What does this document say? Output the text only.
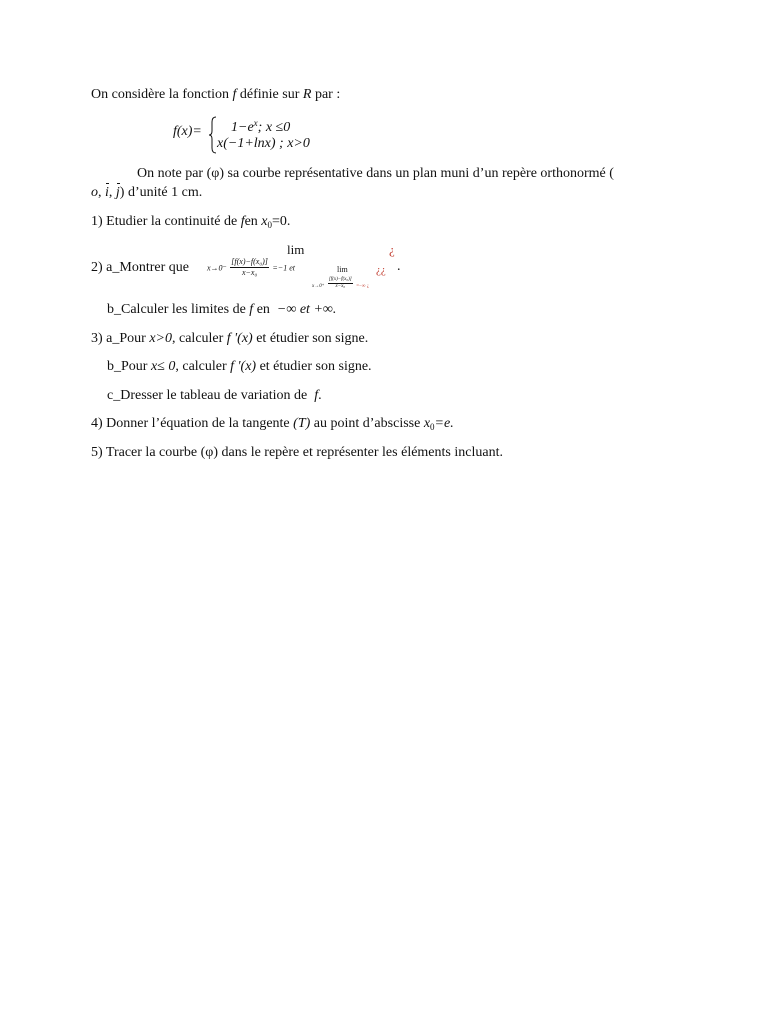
On considère la fonction f définie sur R par :
$f(x)= 1-e^x$; x ≤0
x(−1+lnx) ; x>0
On note par (φ) sa courbe représentative dans un plan muni d’un repère orthonormé (
o, i, j) d’unité 1 cm.
1) Etudier la continuité de fen $x_0=0$.
lim	¿
2) a_Montrer que $x\to 0^- \frac{\text{[f(x)−f(x₀)]}}{\text{x−x₀}} =-1$ et	lim
$x\to 0^+ \frac{\text{[f(x)−f(x₀)]}}{\text{x−x₀}}$ =−∞ ¿
¿¿ .
b_Calculer les limites de f en −∞ et +∞.
3) a_Pour x>0, calculer f '(x) et étudier son signe.
b_Pour x≤ 0, calculer f '(x) et étudier son signe.
c_Dresser le tableau de variation de f.
4) Donner l’équation de la tangente (T) au point d’abscisse $x_0=e$.
5) Tracer la courbe (φ) dans le repère et représenter les éléments incluant.
